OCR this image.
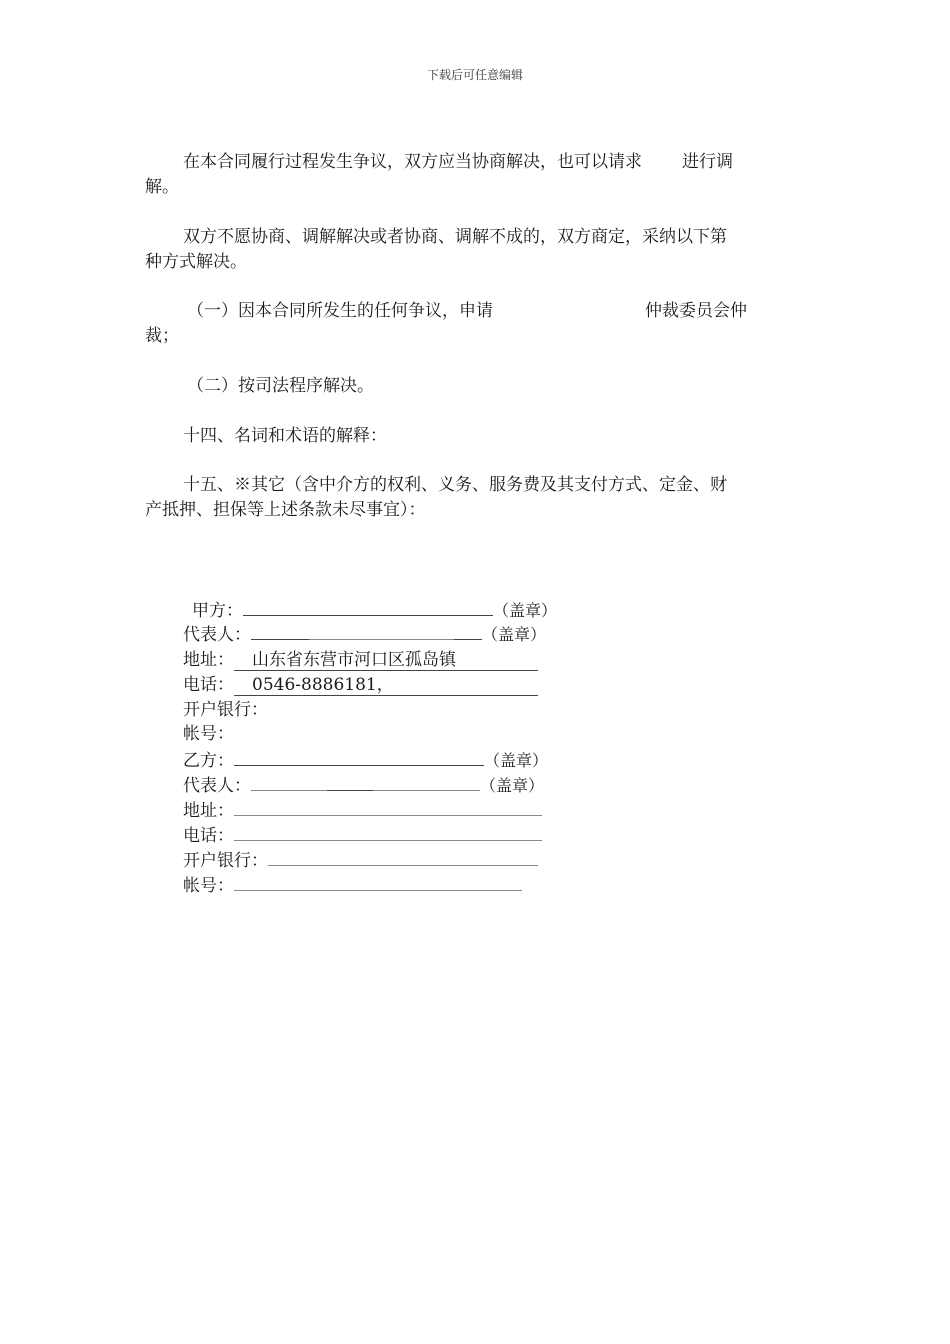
下载后可任意编辑
在本合同履行过程发生争议，双方应当协商解决，也可以请求 进行调
解。
双方不愿协商、调解解决或者协商、调解不成的，双方商定，采纳以下第
种方式解决。
（一）因本合同所发生的任何争议，申请	仲裁委员会仲
裁；
（二）按司法程序解决。
十四、名词和术语的解释：
十五、※其它（含中介方的权利、义务、服务费及其支付方式、定金、财
产抵押、担保等上述条款未尽事宜）：
甲方：	（盖章）
代表人：	（盖章）
地址： 山东省东营市河口区孤岛镇
电话： 0546-8886181，
开户银行：
帐号：
乙方：	（盖章）
代表人：	（盖章）
地址：
电话：
开户银行：
帐号：
